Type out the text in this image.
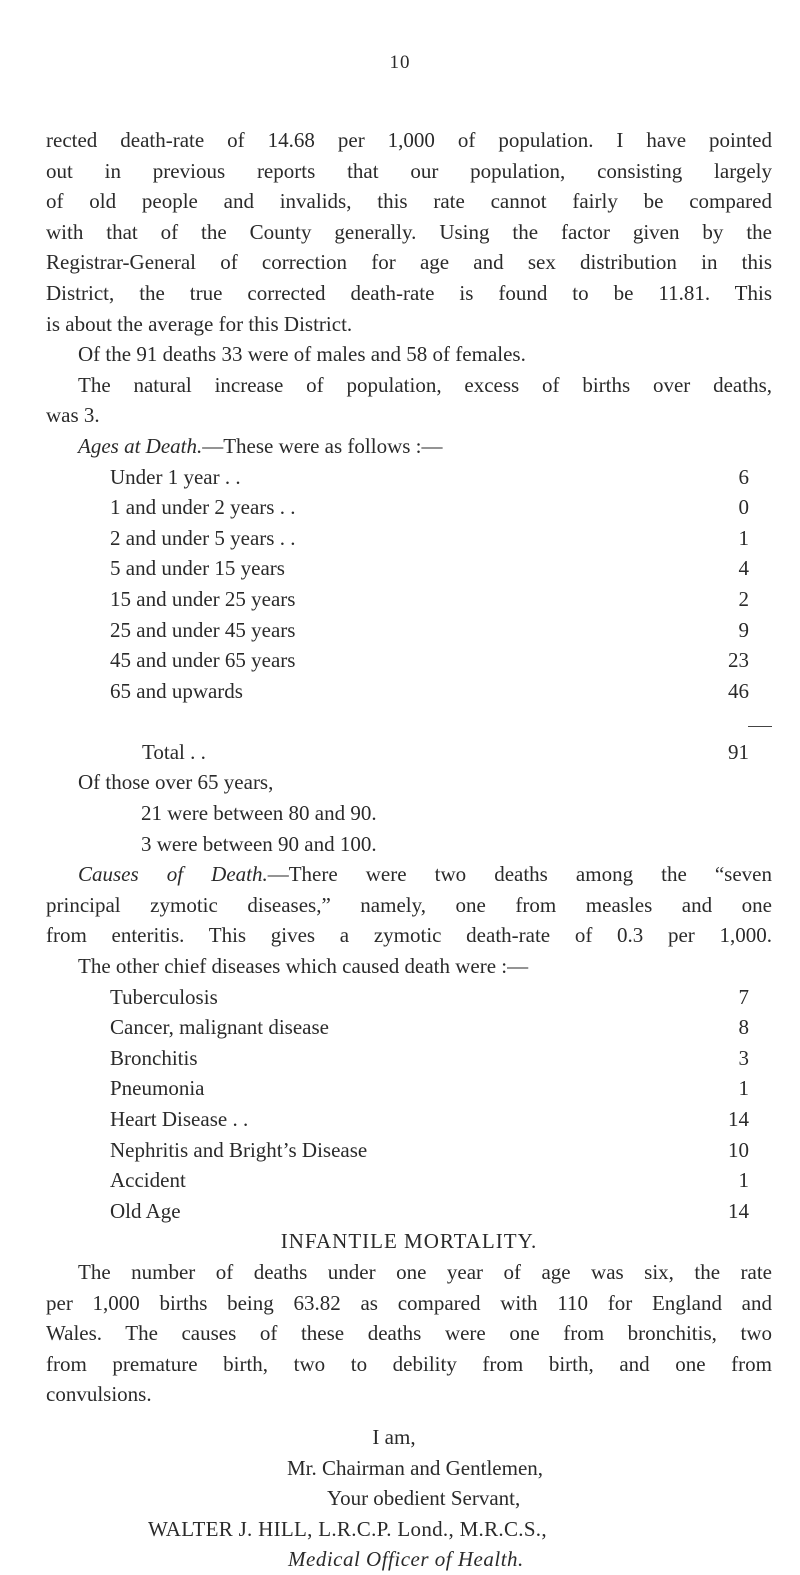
10
rected death-rate of 14.68 per 1,000 of population. I have pointed
out in previous reports that our population, consisting largely
of old people and invalids, this rate cannot fairly be compared
with that of the County generally. Using the factor given by the
Registrar-General of correction for age and sex distribution in this
District, the true corrected death-rate is found to be 11.81. This
is about the average for this District.
Of the 91 deaths 33 were of males and 58 of females.
The natural increase of population, excess of births over deaths,
was 3.
Ages at Death.—These were as follows :—
Under 1 year . .	6
1 and under 2 years . .	0
2 and under 5 years . .	1
5 and under 15 years	4
15 and under 25 years	2
25 and under 45 years	9
45 and under 65 years	23
65 and upwards	46
Total . .	91
Of those over 65 years,
21 were between 80 and 90.
3 were between 90 and 100.
Causes of Death.—There were two deaths among the “seven
principal zymotic diseases,” namely, one from measles and one
from enteritis. This gives a zymotic death-rate of 0.3 per 1,000.
The other chief diseases which caused death were :—
Tuberculosis	7
Cancer, malignant disease	8
Bronchitis	3
Pneumonia	1
Heart Disease . .	14
Nephritis and Bright’s Disease	10
Accident	1
Old Age	14
INFANTILE MORTALITY.
The number of deaths under one year of age was six, the rate
per 1,000 births being 63.82 as compared with 110 for England and
Wales. The causes of these deaths were one from bronchitis, two
from premature birth, two to debility from birth, and one from
convulsions.
I am,
Mr. Chairman and Gentlemen,
Your obedient Servant,
WALTER J. HILL, L.R.C.P. Lond., M.R.C.S.,
Medical Officer of Health.
